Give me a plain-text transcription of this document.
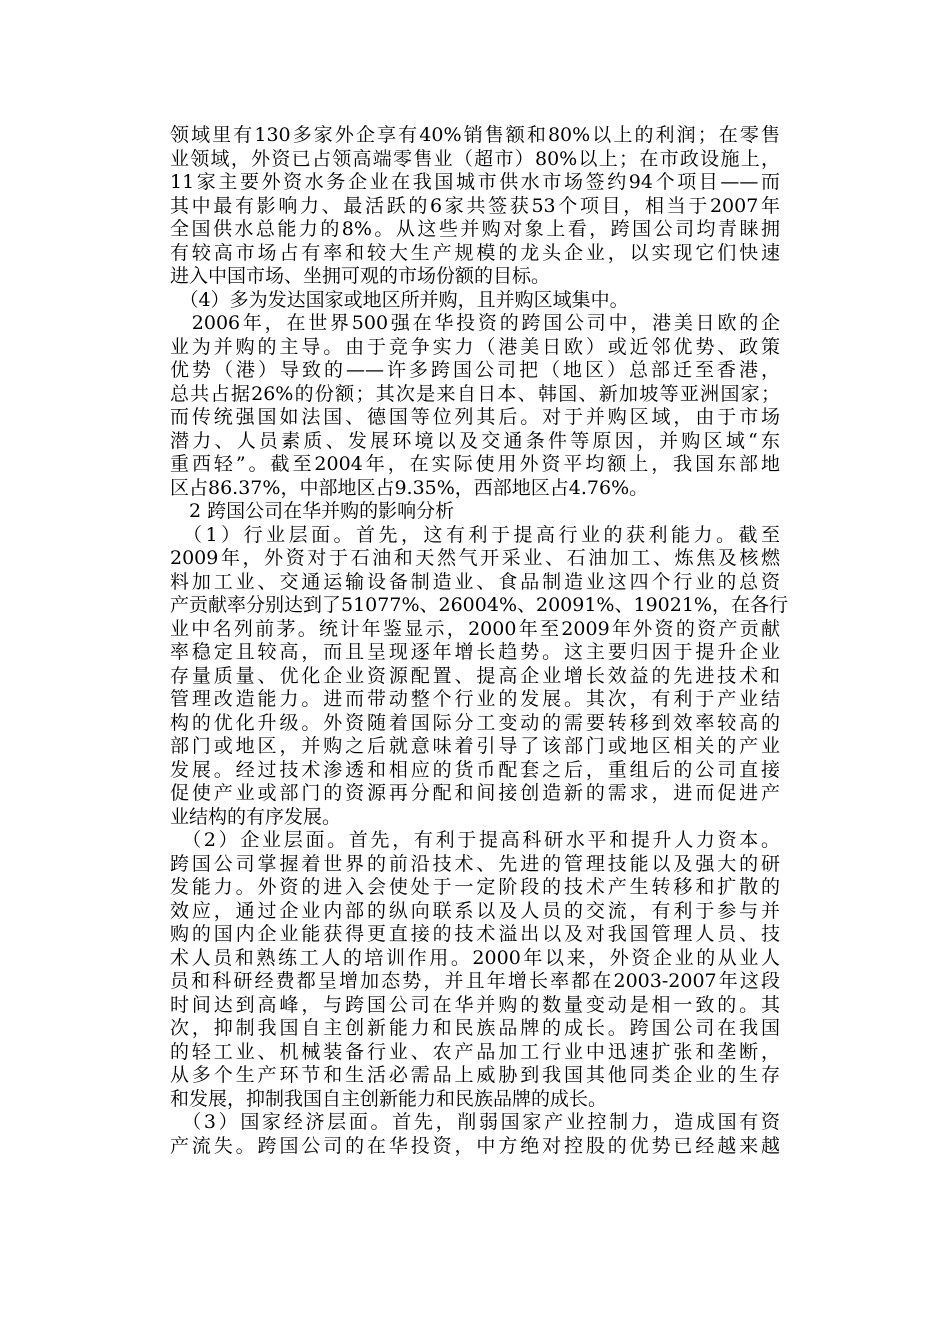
领域里有130多家外企享有40%销售额和80%以上的利润；在零售
业领域，外资已占领高端零售业（超市）80%以上；在市政设施上，
11家主要外资水务企业在我国城市供水市场签约94个项目——而
其中最有影响力、最活跃的6家共签获53个项目，相当于2007年
全国供水总能力的8%。从这些并购对象上看，跨国公司均青睐拥
有较高市场占有率和较大生产规模的龙头企业，以实现它们快速
进入中国市场、坐拥可观的市场份额的目标。
　（4）多为发达国家或地区所并购，且并购区域集中。
　2006年，在世界500强在华投资的跨国公司中，港美日欧的企
业为并购的主导。由于竞争实力（港美日欧）或近邻优势、政策
优势（港）导致的——许多跨国公司把（地区）总部迁至香港，
总共占据26%的份额；其次是来自日本、韩国、新加坡等亚洲国家；
而传统强国如法国、德国等位列其后。对于并购区域，由于市场
潜力、人员素质、发展环境以及交通条件等原因，并购区域“东
重西轻”。截至2004年，在实际使用外资平均额上，我国东部地
区占86.37%，中部地区占9.35%，西部地区占4.76%。
　2 跨国公司在华并购的影响分析
　（1）行业层面。首先，这有利于提高行业的获利能力。截至
2009年，外资对于石油和天然气开采业、石油加工、炼焦及核燃
料加工业、交通运输设备制造业、食品制造业这四个行业的总资
产贡献率分别达到了51077%、26004%、20091%、19021%，在各行
业中名列前茅。统计年鉴显示，2000年至2009年外资的资产贡献
率稳定且较高，而且呈现逐年增长趋势。这主要归因于提升企业
存量质量、优化企业资源配置、提高企业增长效益的先进技术和
管理改造能力。进而带动整个行业的发展。其次，有利于产业结
构的优化升级。外资随着国际分工变动的需要转移到效率较高的
部门或地区，并购之后就意味着引导了该部门或地区相关的产业
发展。经过技术渗透和相应的货币配套之后，重组后的公司直接
促使产业或部门的资源再分配和间接创造新的需求，进而促进产
业结构的有序发展。
　（2）企业层面。首先，有利于提高科研水平和提升人力资本。
跨国公司掌握着世界的前沿技术、先进的管理技能以及强大的研
发能力。外资的进入会使处于一定阶段的技术产生转移和扩散的
效应，通过企业内部的纵向联系以及人员的交流，有利于参与并
购的国内企业能获得更直接的技术溢出以及对我国管理人员、技
术人员和熟练工人的培训作用。2000年以来，外资企业的从业人
员和科研经费都呈增加态势，并且年增长率都在2003-2007年这段
时间达到高峰，与跨国公司在华并购的数量变动是相一致的。其
次，抑制我国自主创新能力和民族品牌的成长。跨国公司在我国
的轻工业、机械装备行业、农产品加工行业中迅速扩张和垄断，
从多个生产环节和生活必需品上威胁到我国其他同类企业的生存
和发展，抑制我国自主创新能力和民族品牌的成长。
　（3）国家经济层面。首先，削弱国家产业控制力，造成国有资
产流失。跨国公司的在华投资，中方绝对控股的优势已经越来越
